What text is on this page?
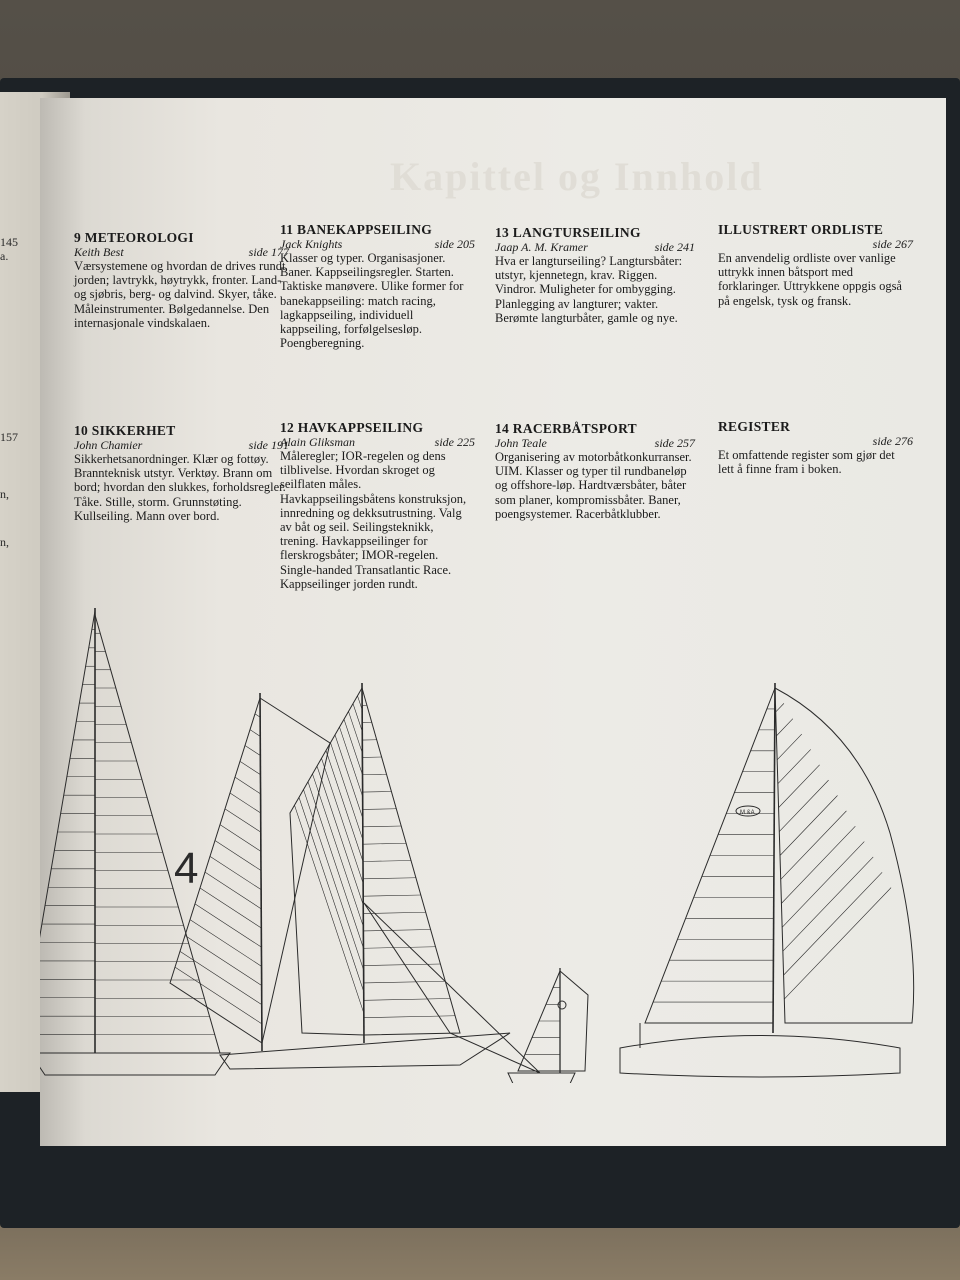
145
a.
157
n,
n,
Kapittel og Innhold
9 METEOROLOGI
Keith Best	side 177

Værsystemene og hvordan de drives rundt jorden; lavtrykk, høytrykk, fronter. Land- og sjøbris, berg- og dalvind. Skyer, tåke. Måleinstrumenter. Bølgedannelse. Den internasjonale vindskalaen.

11 BANEKAPPSEILING
Jack Knights	side 205

Klasser og typer. Organisasjoner. Baner. Kappseilingsregler. Starten. Taktiske manøvere. Ulike former for banekappseiling: match racing, lagkappseiling, individuell kappseiling, forfølgelsesløp. Poengberegning.

13 LANGTURSEILING
Jaap A. M. Kramer	side 241

Hva er langturseiling? Langtursbåter: utstyr, kjennetegn, krav. Riggen. Vindror. Muligheter for ombygging. Planlegging av langturer; vakter. Berømte langturbåter, gamle og nye.

ILLUSTRERT ORDLISTE
side 267

En anvendelig ordliste over vanlige uttrykk innen båtsport med forklaringer. Uttrykkene oppgis også på engelsk, tysk og fransk.

10 SIKKERHET
John Chamier	side 191

Sikkerhetsanordninger. Klær og fottøy. Brannteknisk utstyr. Verktøy. Brann om bord; hvordan den slukkes, forholdsregler. Tåke. Stille, storm. Grunnstøting. Kullseiling. Mann over bord.

12 HAVKAPPSEILING
Alain Gliksman	side 225

Måleregler; IOR-regelen og dens tilblivelse. Hvordan skroget og seilflaten måles. Havkappseilingsbåtens konstruksjon, innredning og dekksutrustning. Valg av båt og seil. Seilingsteknikk, trening. Havkappseilinger for flerskrogsbåter; IMOR-regelen. Single-handed Transatlantic Race. Kappseilinger jorden rundt.

14 RACERBÅTSPORT
John Teale	side 257

Organisering av motorbåtkonkurranser. UIM. Klasser og typer til rundbaneløp og offshore-løp. Hardtværsbåter, båter som planer, kompromissbåter. Baner, poengsystemer. Racerbåtklubber.

REGISTER
side 276

Et omfattende register som gjør det lett å finne fram i boken.

4
M.&A
